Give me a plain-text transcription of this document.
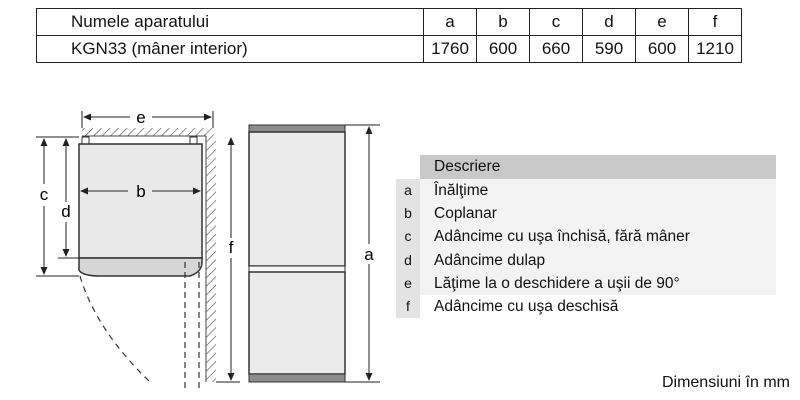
Numele aparatului	a	b	c	d	e	f
KGN33 (mâner interior)	1760	600	660	590	600	1210
e
b
c
d
f	a
Descriere
a	Înălţime
b	Coplanar
c	Adâncime cu uşa închisă, fără mâner
d	Adâncime dulap
e	Lăţime la o deschidere a uşii de 90°
f	Adâncime cu uşa deschisă
Dimensiuni în mm
